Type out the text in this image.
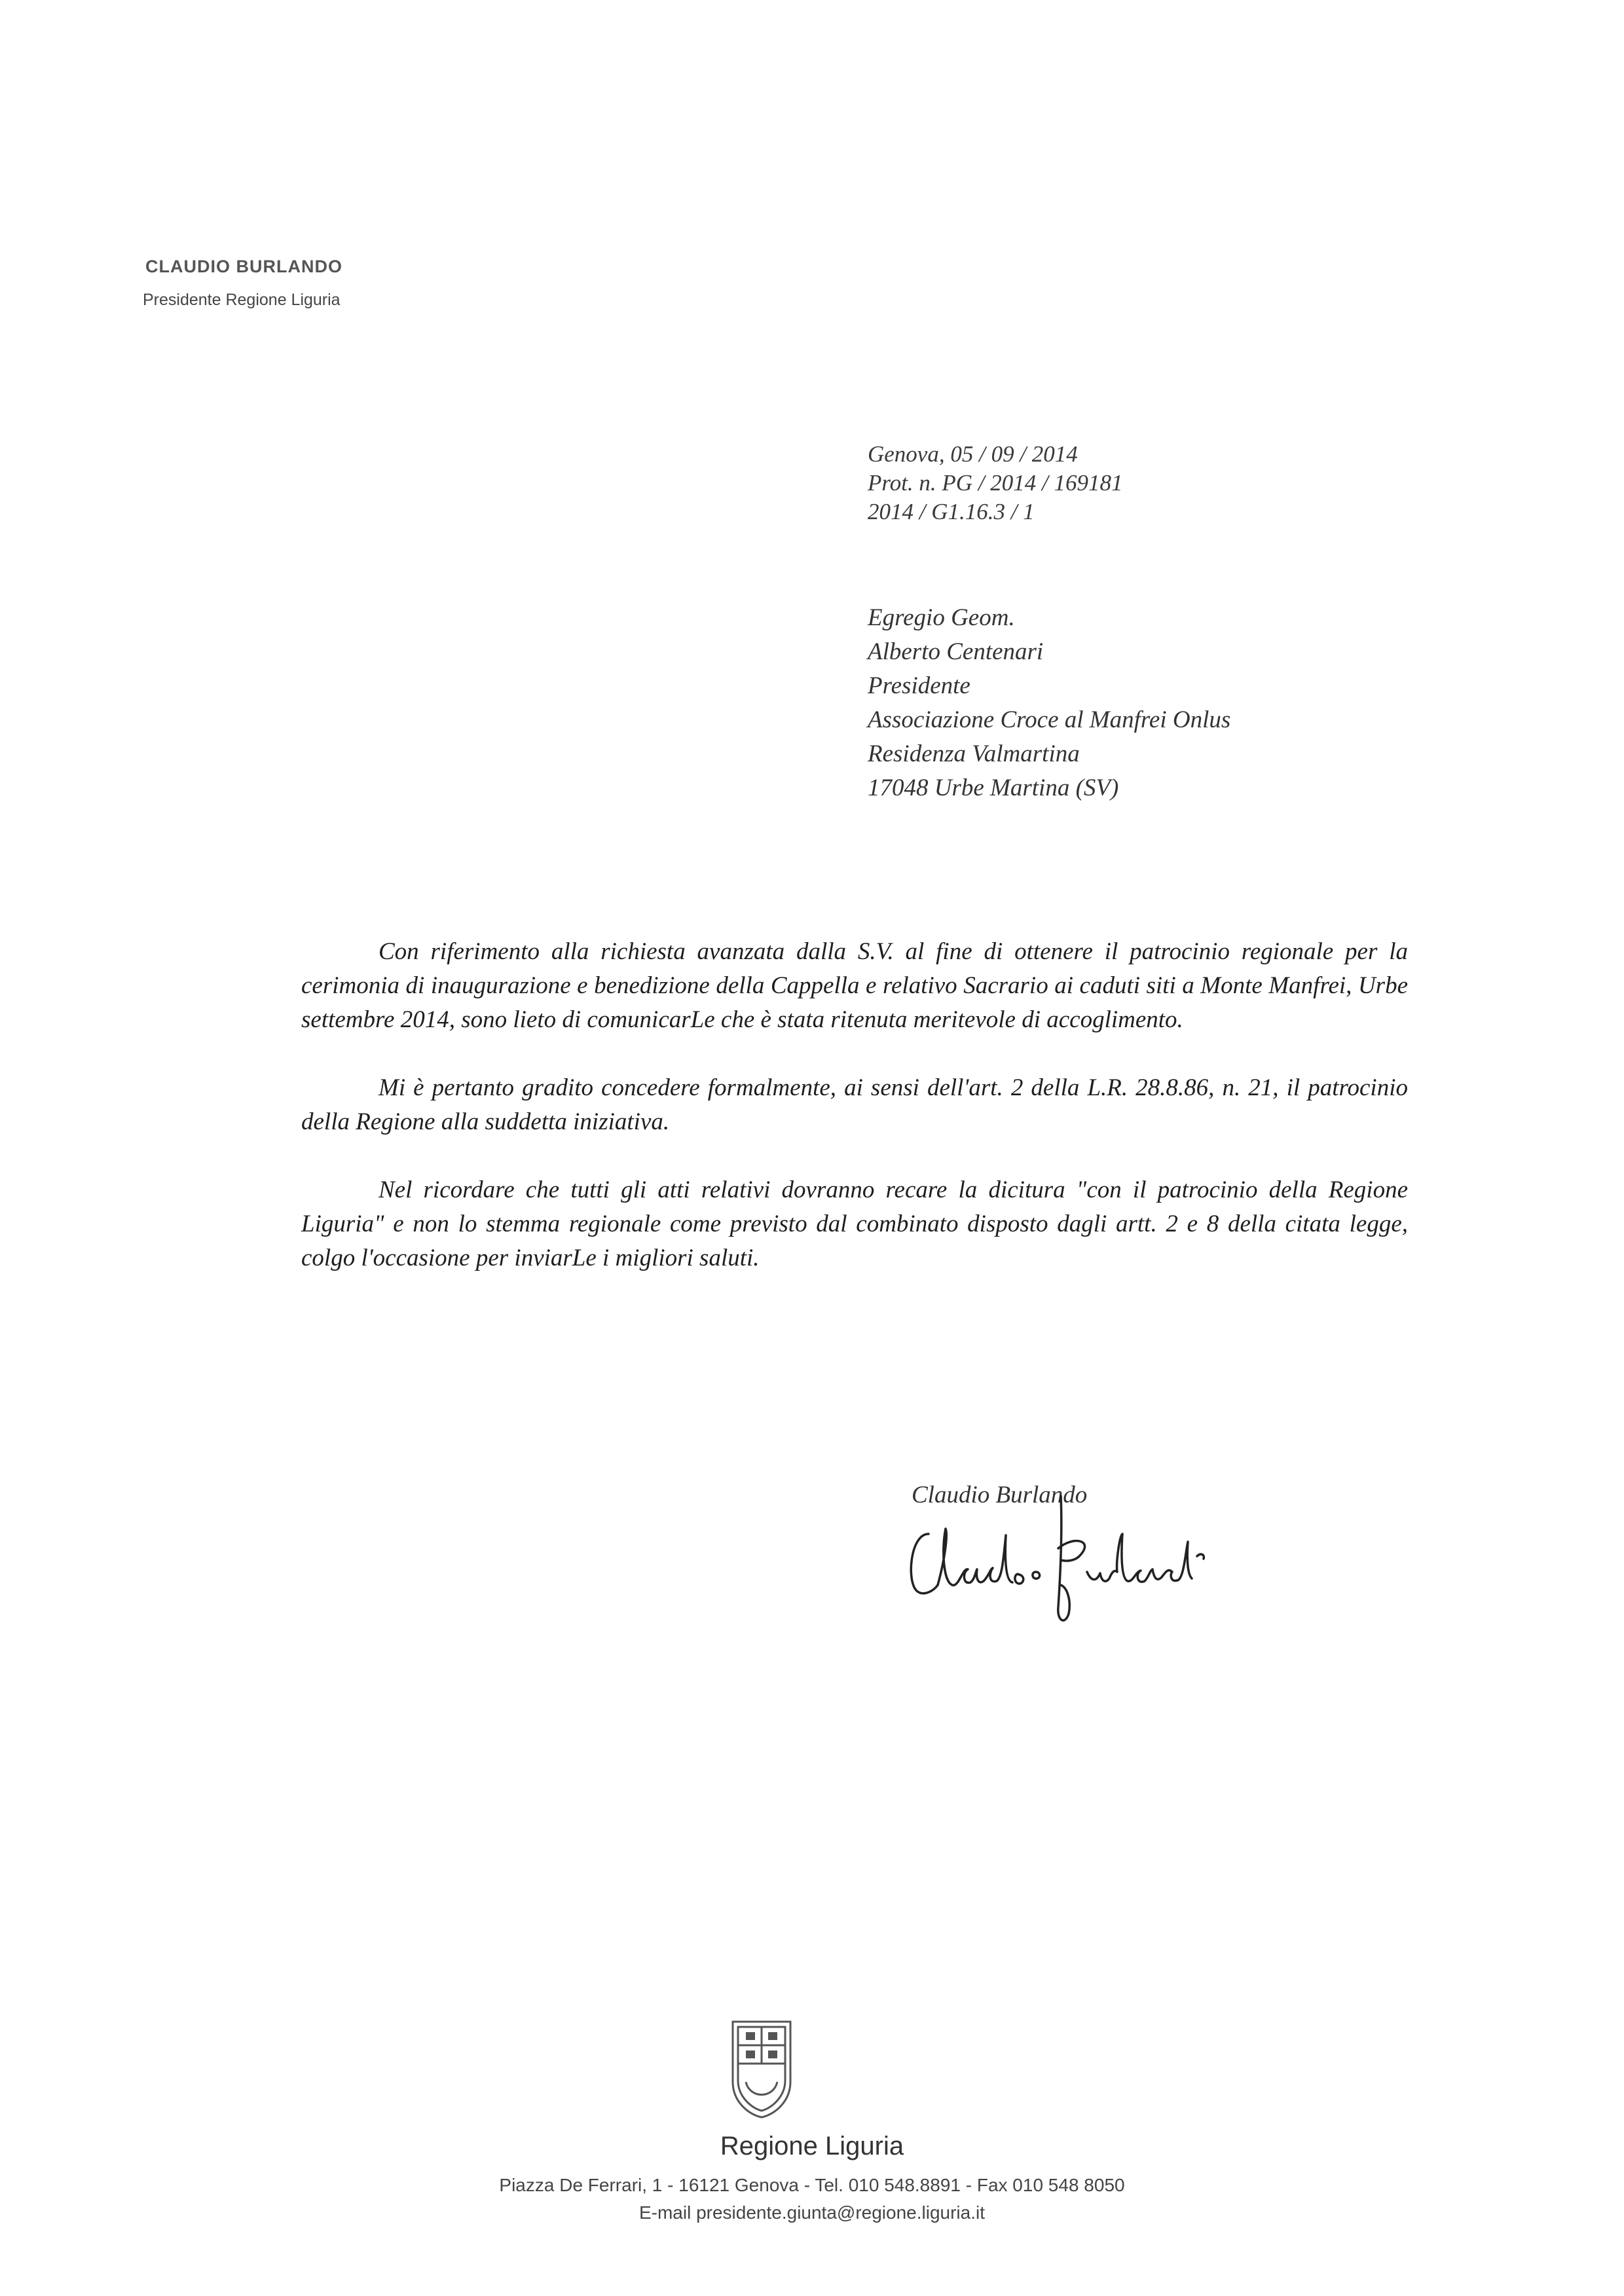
CLAUDIO BURLANDO
Presidente Regione Liguria
Genova, 05 / 09 / 2014
Prot. n. PG / 2014 / 169181
2014 / G1.16.3 / 1
Egregio Geom.
Alberto Centenari
Presidente
Associazione Croce al Manfrei Onlus
Residenza Valmartina
17048 Urbe Martina (SV)

Con riferimento alla richiesta avanzata dalla S.V. al fine di ottenere il patrocinio regionale per la cerimonia di inaugurazione e benedizione della Cappella e relativo Sacrario ai caduti siti a Monte Manfrei, Urbe settembre 2014, sono lieto di comunicarLe che è stata ritenuta meritevole di accoglimento.

Mi è pertanto gradito concedere formalmente, ai sensi dell'art. 2 della L.R. 28.8.86, n. 21, il patrocinio della Regione alla suddetta iniziativa.

Nel ricordare che tutti gli atti relativi dovranno recare la dicitura "con il patrocinio della Regione Liguria" e non lo stemma regionale come previsto dal combinato disposto dagli artt. 2 e 8 della citata legge, colgo l'occasione per inviarLe i migliori saluti.

Claudio Burlando
Regione Liguria
Piazza De Ferrari, 1 - 16121 Genova - Tel. 010 548.8891 - Fax 010 548 8050
E-mail presidente.giunta@regione.liguria.it
